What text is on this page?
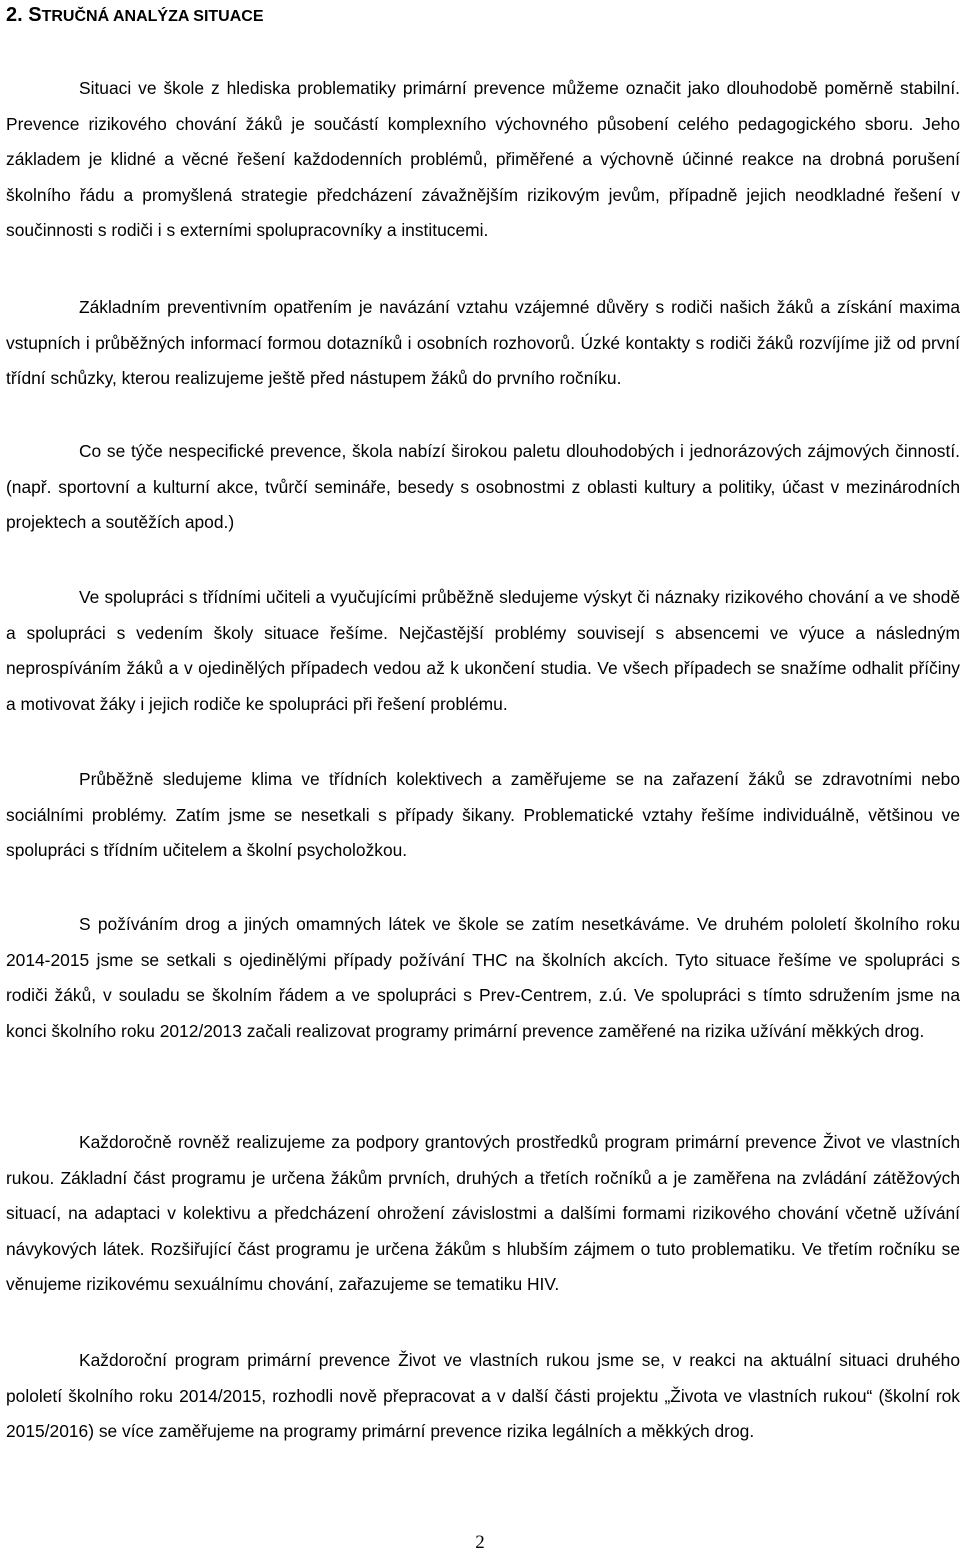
2. STRUČNÁ ANALÝZA SITUACE

Situaci ve škole z hlediska problematiky primární prevence můžeme označit jako dlouhodobě poměrně stabilní. Prevence rizikového chování žáků je součástí komplexního výchovného působení celého pedagogického sboru. Jeho základem je klidné a věcné řešení každodenních problémů, přiměřené a výchovně účinné reakce na drobná porušení školního řádu a promyšlená strategie předcházení závažnějším rizikovým jevům, případně jejich neodkladné řešení v součinnosti s rodiči i s externími spolupracovníky a institucemi.

Základním preventivním opatřením je navázání vztahu vzájemné důvěry s rodiči našich žáků a získání maxima vstupních i průběžných informací formou dotazníků i osobních rozhovorů. Úzké kontakty s rodiči žáků rozvíjíme již od první třídní schůzky, kterou realizujeme ještě před nástupem žáků do prvního ročníku.

Co se týče nespecifické prevence, škola nabízí širokou paletu dlouhodobých i jednorázových zájmových činností. (např. sportovní a kulturní akce, tvůrčí semináře, besedy s osobnostmi z oblasti kultury a politiky, účast v mezinárodních projektech a soutěžích apod.)

Ve spolupráci s třídními učiteli a vyučujícími průběžně sledujeme výskyt či náznaky rizikového chování a ve shodě a spolupráci s vedením školy situace řešíme. Nejčastější problémy souvisejí s absencemi ve výuce a následným neprospíváním žáků a v ojedinělých případech vedou až k ukončení studia. Ve všech případech se snažíme odhalit příčiny a motivovat žáky i jejich rodiče ke spolupráci při řešení problému.

Průběžně sledujeme klima ve třídních kolektivech a zaměřujeme se na zařazení žáků se zdravotními nebo sociálními problémy. Zatím jsme se nesetkali s případy šikany. Problematické vztahy řešíme individuálně, většinou ve spolupráci s třídním učitelem a školní psycholožkou.

S požíváním drog a jiných omamných látek ve škole se zatím nesetkáváme. Ve druhém pololetí školního roku 2014-2015 jsme se setkali s ojedinělými případy požívání THC na školních akcích. Tyto situace řešíme ve spolupráci s rodiči žáků, v souladu se školním řádem a ve spolupráci s Prev-Centrem, z.ú. Ve spolupráci s tímto sdružením jsme na konci školního roku 2012/2013 začali realizovat programy primární prevence zaměřené na rizika užívání měkkých drog.

Každoročně rovněž realizujeme za podpory grantových prostředků program primární prevence Život ve vlastních rukou. Základní část programu je určena žákům prvních, druhých a třetích ročníků a je zaměřena na zvládání zátěžových situací, na adaptaci v kolektivu a předcházení ohrožení závislostmi a dalšími formami rizikového chování včetně užívání návykových látek. Rozšiřující část programu je určena žákům s hlubším zájmem o tuto problematiku. Ve třetím ročníku se věnujeme rizikovému sexuálnímu chování, zařazujeme se tematiku HIV.

Každoroční program primární prevence Život ve vlastních rukou jsme se, v reakci na aktuální situaci druhého pololetí školního roku 2014/2015, rozhodli nově přepracovat a v další části projektu „Života ve vlastních rukou“ (školní rok 2015/2016) se více zaměřujeme na programy primární prevence rizika legálních a měkkých drog.

2
